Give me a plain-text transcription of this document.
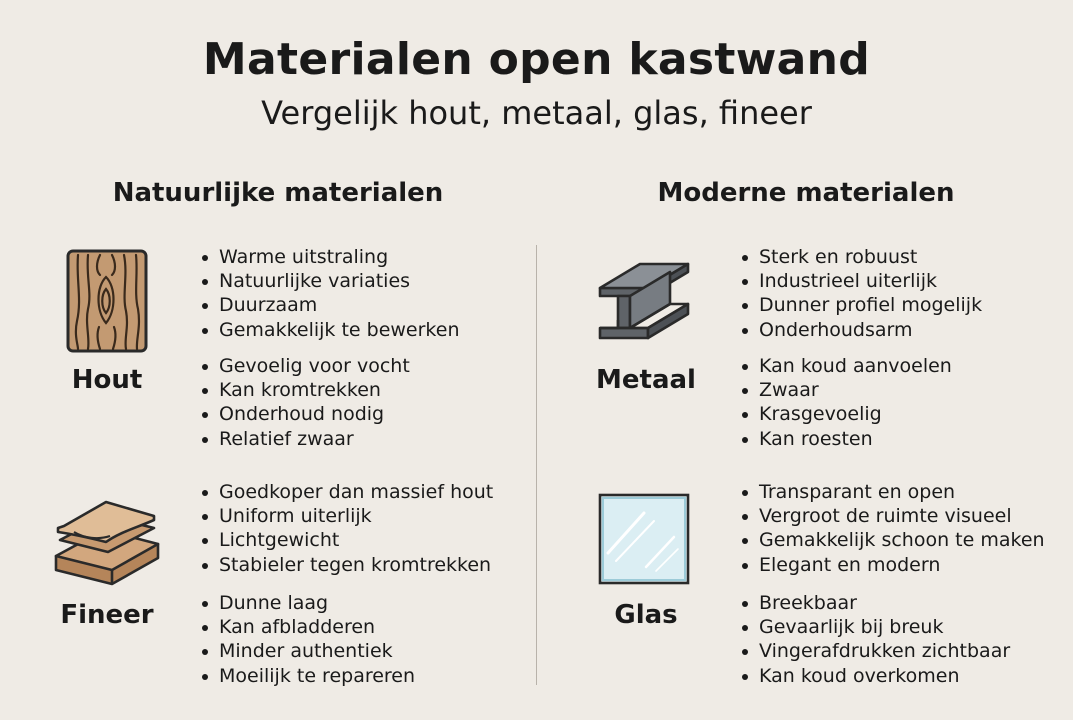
Materialen open kastwand
Vergelijk hout, metaal, glas, fineer
Natuurlijke materialen	Moderne materialen
Hout
Warme uitstraling
Natuurlijke variaties
Duurzaam
Gemakkelijk te bewerken
Gevoelig voor vocht
Kan kromtrekken
Onderhoud nodig
Relatief zwaar
Fineer
Goedkoper dan massief hout
Uniform uiterlijk
Lichtgewicht
Stabieler tegen kromtrekken
Dunne laag
Kan afbladderen
Minder authentiek
Moeilijk te repareren
Metaal
Sterk en robuust
Industrieel uiterlijk
Dunner profiel mogelijk
Onderhoudsarm
Kan koud aanvoelen
Zwaar
Krasgevoelig
Kan roesten
Glas
Transparant en open
Vergroot de ruimte visueel
Gemakkelijk schoon te maken
Elegant en modern
Breekbaar
Gevaarlijk bij breuk
Vingerafdrukken zichtbaar
Kan koud overkomen
